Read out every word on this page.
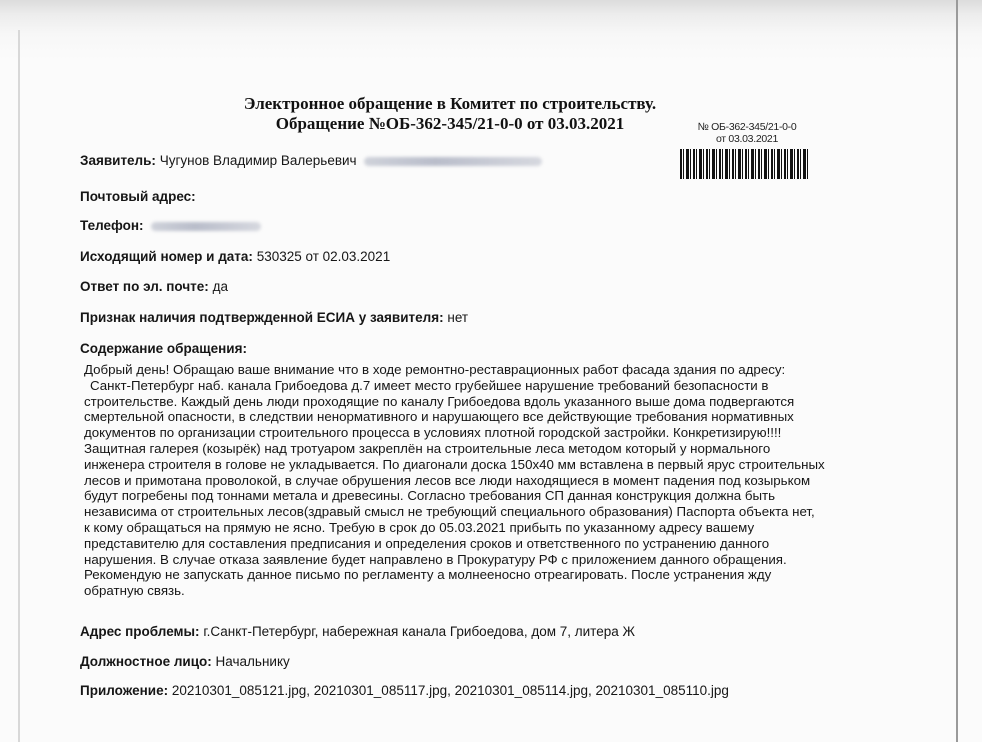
Электронное обращение в Комитет по строительству.
Обращение №ОБ-362-345/21-0-0 от 03.03.2021	№ ОБ-362-345/21-0-0
от 03.03.2021
Заявитель: Чугунов Владимир Валерьевич
Почтовый адрес:
Телефон:
Исходящий номер и дата: 530325 от 02.03.2021
Ответ по эл. почте: да
Признак наличия подтвержденной ЕСИА у заявителя: нет
Содержание обращения:
Добрый день! Обращаю ваше внимание что в ходе ремонтно-реставрационных работ фасада здания по адресу:
Санкт-Петербург наб. канала Грибоедова д.7 имеет место грубейшее нарушение требований безопасности в
строительстве. Каждый день люди проходящие по каналу Грибоедова вдоль указанного выше дома подвергаются
смертельной опасности, в следствии ненормативного и нарушающего все действующие требования нормативных
документов по организации строительного процесса в условиях плотной городской застройки. Конкретизирую!!!!
Защитная галерея (козырёк) над тротуаром закреплён на строительные леса методом который у нормального
инженера строителя в голове не укладывается. По диагонали доска 150х40 мм вставлена в первый ярус строительных
лесов и примотана проволокой, в случае обрушения лесов все люди находящиеся в момент падения под козырьком
будут погребены под тоннами метала и древесины. Согласно требования СП данная конструкция должна быть
независима от строительных лесов(здравый смысл не требующий специального образования) Паспорта объекта нет,
к кому обращаться на прямую не ясно. Требую в срок до 05.03.2021 прибыть по указанному адресу вашему
представителю для составления предписания и определения сроков и ответственного по устранению данного
нарушения. В случае отказа заявление будет направлено в Прокуратуру РФ с приложением данного обращения.
Рекомендую не запускать данное письмо по регламенту а молнееносно отреагировать. После устранения жду
обратную связь.
Адрес проблемы: г.Санкт-Петербург, набережная канала Грибоедова, дом 7, литера Ж
Должностное лицо: Начальнику
Приложение: 20210301_085121.jpg, 20210301_085117.jpg, 20210301_085114.jpg, 20210301_085110.jpg
